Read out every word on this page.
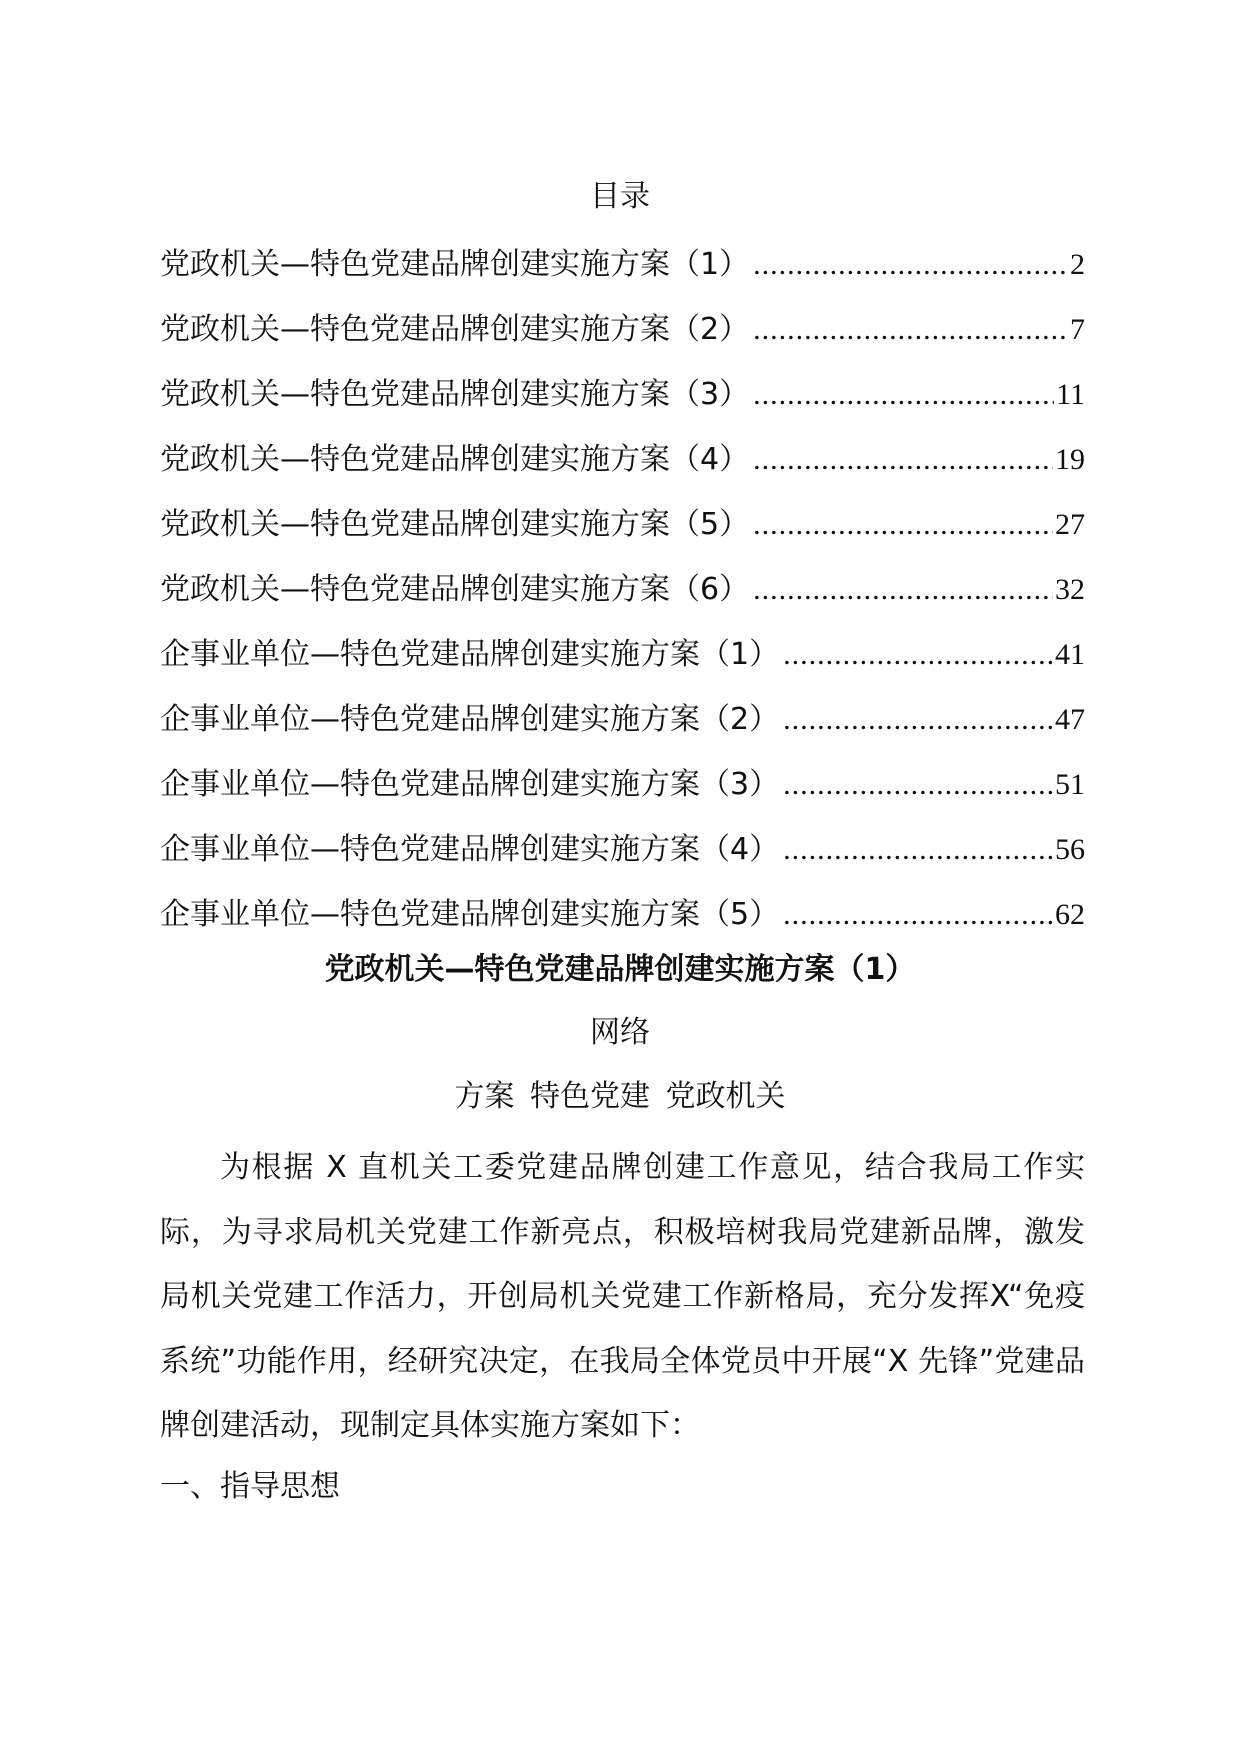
目录
党政机关—特色党建品牌创建实施方案（1） .....	2
党政机关—特色党建品牌创建实施方案（2） .....	7
党政机关—特色党建品牌创建实施方案（3） .....	11
党政机关—特色党建品牌创建实施方案（4） .....	19
党政机关—特色党建品牌创建实施方案（5） .....	27
党政机关—特色党建品牌创建实施方案（6） .....	32
企事业单位—特色党建品牌创建实施方案（1） .....	41
企事业单位—特色党建品牌创建实施方案（2） .....	47
企事业单位—特色党建品牌创建实施方案（3） .....	51
企事业单位—特色党建品牌创建实施方案（4） .....	56
企事业单位—特色党建品牌创建实施方案（5） .....	62
党政机关—特色党建品牌创建实施方案（1）
网络
方案 特色党建 党政机关

为根据 X 直机关工委党建品牌创建工作意见，结合我局工作实际，为寻求局机关党建工作新亮点，积极培树我局党建新品牌，激发局机关党建工作活力，开创局机关党建工作新格局，充分发挥X“免疫系统”功能作用，经研究决定，在我局全体党员中开展“X 先锋”党建品牌创建活动，现制定具体实施方案如下：

一、指导思想
